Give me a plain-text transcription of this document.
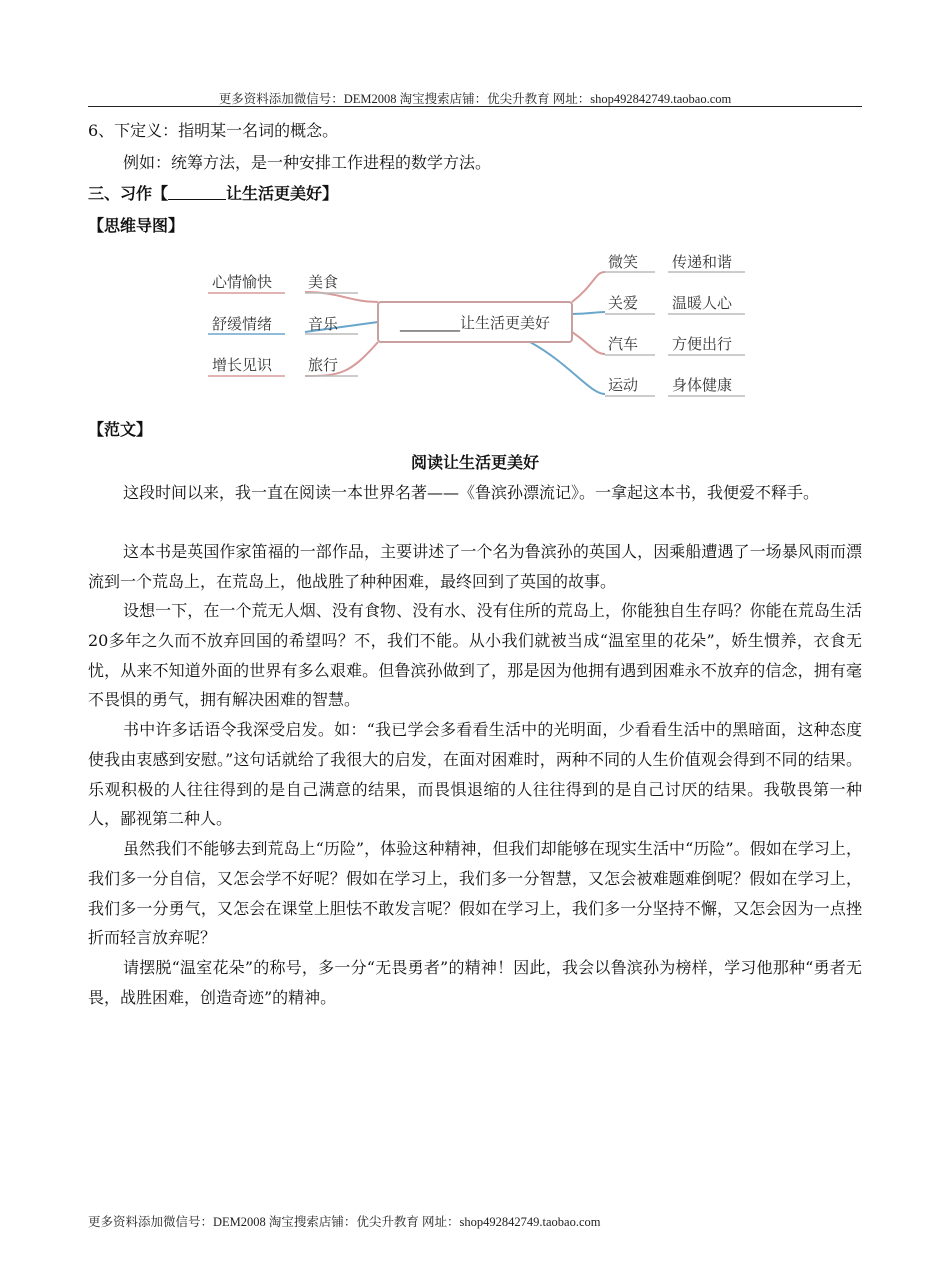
更多资料添加微信号：DEM2008 淘宝搜索店铺：优尖升教育 网址：shop492842749.taobao.com
6、下定义：指明某一名词的概念。
例如：统筹方法，是一种安排工作进程的数学方法。
三、习作【	让生活更美好】
【思维导图】
________让生活更美好
美食
心情愉快
音乐
舒缓情绪
旅行
增长见识
微笑 传递和谐
关爱 温暖人心
汽车 方便出行
运动 身体健康
【范文】
阅读让生活更美好

这段时间以来，我一直在阅读一本世界名著——《鲁滨孙漂流记》。一拿起这本书，我便爱不释手。

这本书是英国作家笛福的一部作品，主要讲述了一个名为鲁滨孙的英国人，因乘船遭遇了一场暴风雨而漂流到一个荒岛上，在荒岛上，他战胜了种种困难，最终回到了英国的故事。

设想一下，在一个荒无人烟、没有食物、没有水、没有住所的荒岛上，你能独自生存吗？你能在荒岛生活20多年之久而不放弃回国的希望吗？不，我们不能。从小我们就被当成“温室里的花朵”，娇生惯养，衣食无忧，从来不知道外面的世界有多么艰难。但鲁滨孙做到了，那是因为他拥有遇到困难永不放弃的信念，拥有毫不畏惧的勇气，拥有解决困难的智慧。

书中许多话语令我深受启发。如：“我已学会多看看生活中的光明面，少看看生活中的黑暗面，这种态度使我由衷感到安慰。”这句话就给了我很大的启发，在面对困难时，两种不同的人生价值观会得到不同的结果。乐观积极的人往往得到的是自己满意的结果，而畏惧退缩的人往往得到的是自己讨厌的结果。我敬畏第一种人，鄙视第二种人。

虽然我们不能够去到荒岛上“历险”，体验这种精神，但我们却能够在现实生活中“历险”。假如在学习上，我们多一分自信，又怎会学不好呢？假如在学习上，我们多一分智慧，又怎会被难题难倒呢？假如在学习上，我们多一分勇气，又怎会在课堂上胆怯不敢发言呢？假如在学习上，我们多一分坚持不懈，又怎会因为一点挫折而轻言放弃呢？

请摆脱“温室花朵”的称号，多一分“无畏勇者”的精神！因此，我会以鲁滨孙为榜样，学习他那种“勇者无畏，战胜困难，创造奇迹”的精神。

更多资料添加微信号：DEM2008 淘宝搜索店铺：优尖升教育 网址：shop492842749.taobao.com
